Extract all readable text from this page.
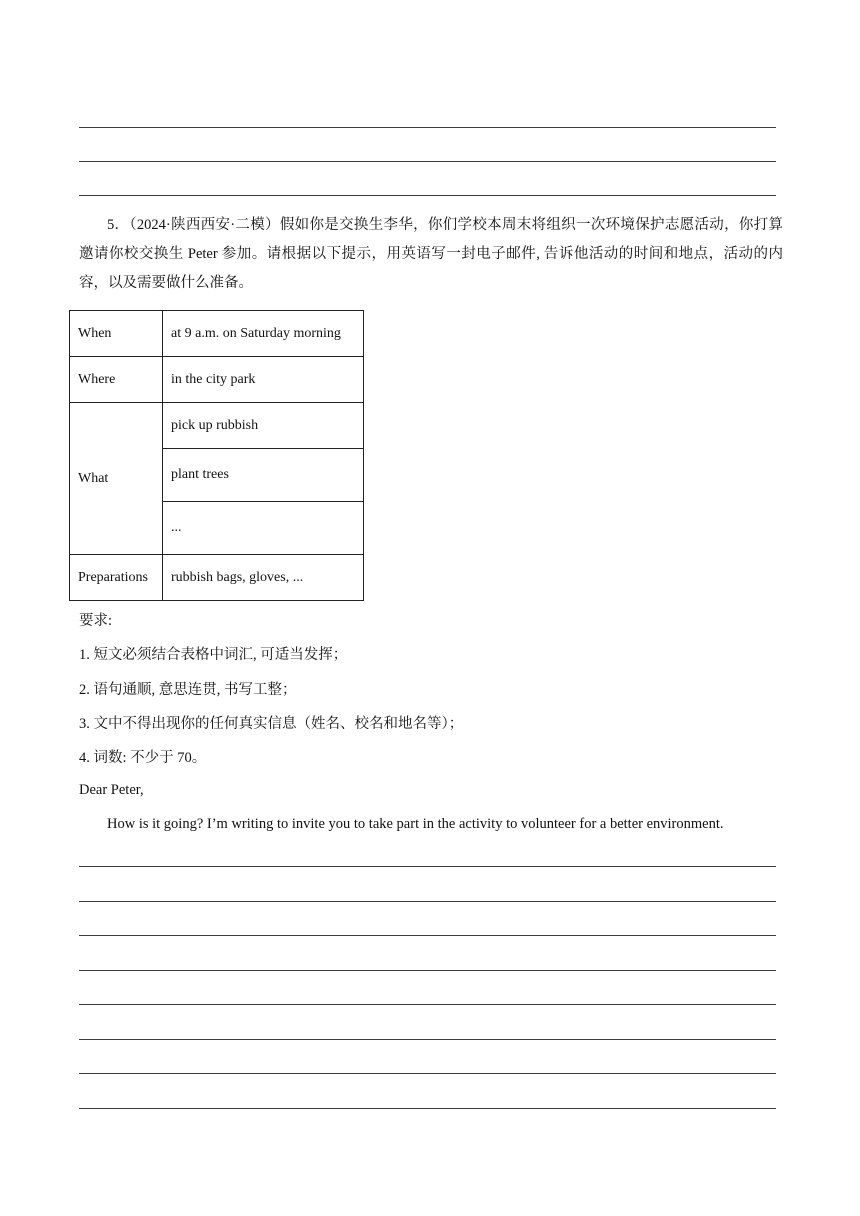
5．（2024·陕西西安·二模）假如你是交换生李华，你们学校本周末将组织一次环境保护志愿活动，你打算邀请你校交换生 Peter 参加。请根据以下提示，用英语写一封电子邮件, 告诉他活动的时间和地点，活动的内容，以及需要做什么准备。
When	at 9 a.m. on Saturday morning
Where	in the city park
What	pick up rubbish
	plant trees
	...
Preparations	rubbish bags, gloves, ...
要求:
1. 短文必须结合表格中词汇, 可适当发挥；
2. 语句通顺, 意思连贯, 书写工整；
3. 文中不得出现你的任何真实信息（姓名、校名和地名等）；
4. 词数: 不少于 70。
Dear Peter,
How is it going? I’m writing to invite you to take part in the activity to volunteer for a better environment.
